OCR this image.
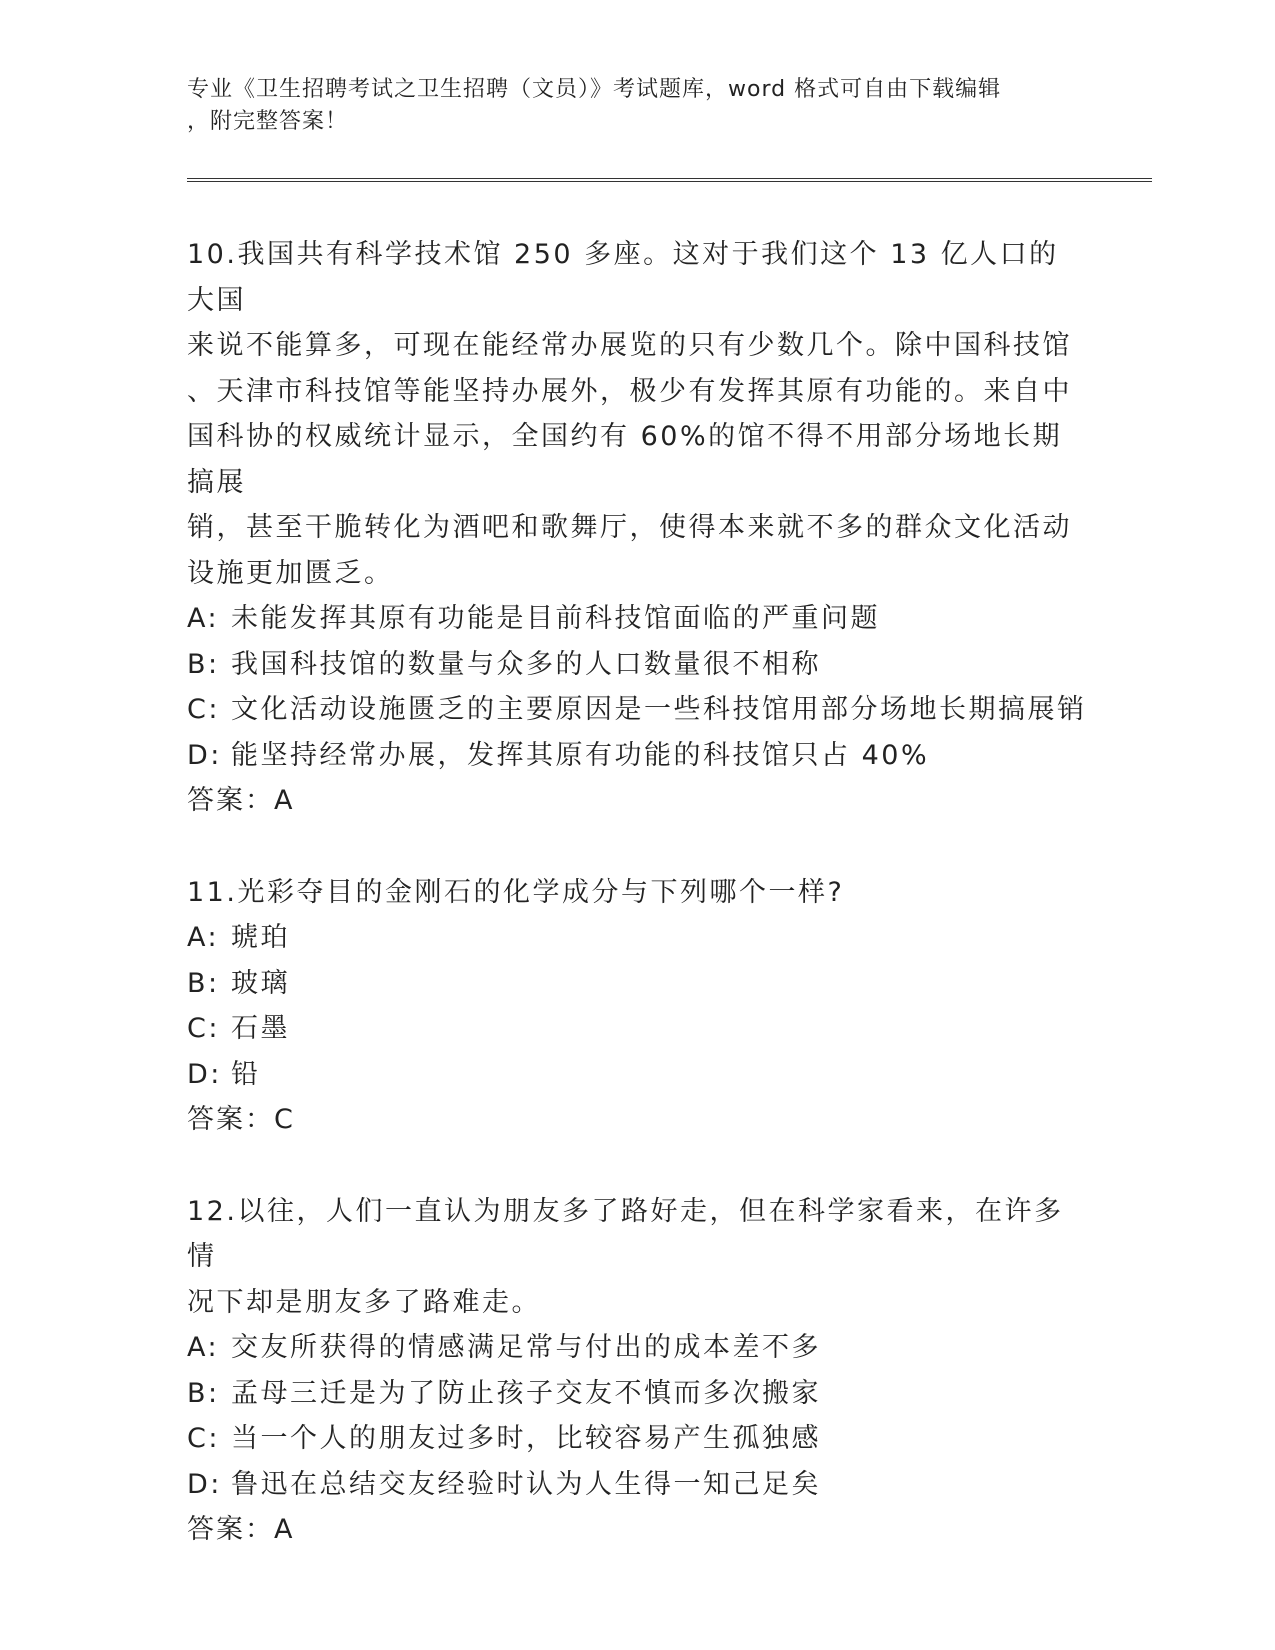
专业《卫生招聘考试之卫生招聘（文员）》考试题库，word 格式可自由下载编辑
，附完整答案！
10.我国共有科学技术馆 250 多座。这对于我们这个 13 亿人口的大国
来说不能算多，可现在能经常办展览的只有少数几个。除中国科技馆
、天津市科技馆等能坚持办展外，极少有发挥其原有功能的。来自中
国科协的权威统计显示，全国约有 60%的馆不得不用部分场地长期搞展
销，甚至干脆转化为酒吧和歌舞厅，使得本来就不多的群众文化活动
设施更加匮乏。
A: 未能发挥其原有功能是目前科技馆面临的严重问题
B: 我国科技馆的数量与众多的人口数量很不相称
C: 文化活动设施匮乏的主要原因是一些科技馆用部分场地长期搞展销
D: 能坚持经常办展，发挥其原有功能的科技馆只占 40%
答案：A
11.光彩夺目的金刚石的化学成分与下列哪个一样?
A: 琥珀
B: 玻璃
C: 石墨
D: 铅
答案：C
12.以往，人们一直认为朋友多了路好走，但在科学家看来，在许多情
况下却是朋友多了路难走。
A: 交友所获得的情感满足常与付出的成本差不多
B: 孟母三迁是为了防止孩子交友不慎而多次搬家
C: 当一个人的朋友过多时，比较容易产生孤独感
D: 鲁迅在总结交友经验时认为人生得一知己足矣
答案：A
